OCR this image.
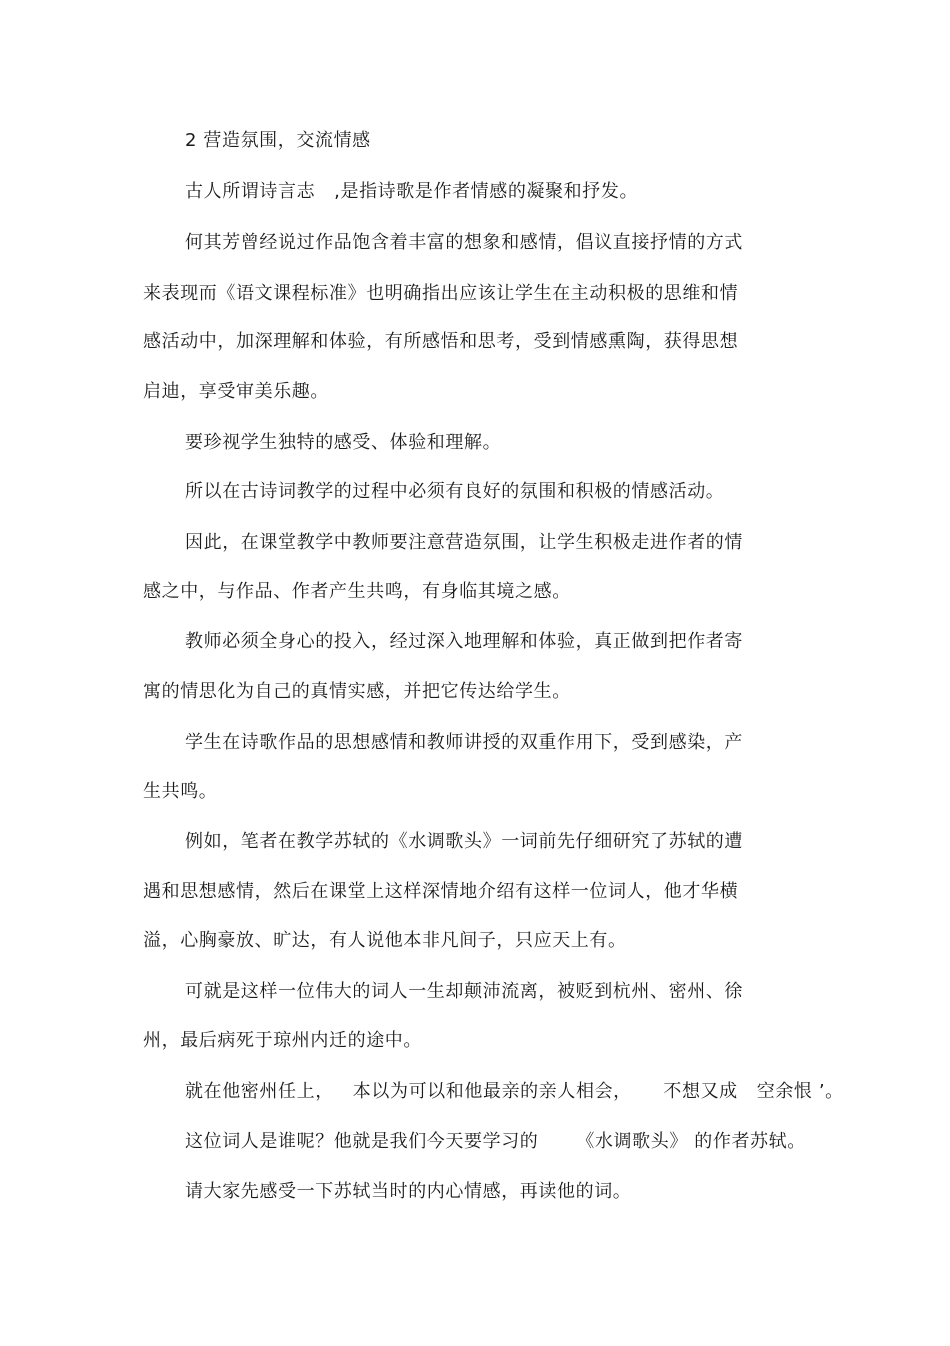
2 营造氛围，交流情感
古人所谓诗言志   ,是指诗歌是作者情感的凝聚和抒发。
何其芳曾经说过作品饱含着丰富的想象和感情，倡议直接抒情的方式
来表现而《语文课程标准》也明确指出应该让学生在主动积极的思维和情
感活动中，加深理解和体验，有所感悟和思考，受到情感熏陶，获得思想
启迪，享受审美乐趣。
要珍视学生独特的感受、体验和理解。
所以在古诗词教学的过程中必须有良好的氛围和积极的情感活动。
因此，在课堂教学中教师要注意营造氛围，让学生积极走进作者的情
感之中，与作品、作者产生共鸣，有身临其境之感。
教师必须全身心的投入，经过深入地理解和体验，真正做到把作者寄
寓的情思化为自己的真情实感，并把它传达给学生。
学生在诗歌作品的思想感情和教师讲授的双重作用下，受到感染，产
生共鸣。
例如，笔者在教学苏轼的《水调歌头》一词前先仔细研究了苏轼的遭
遇和思想感情，然后在课堂上这样深情地介绍有这样一位词人，他才华横
溢，心胸豪放、旷达，有人说他本非凡间子，只应天上有。
可就是这样一位伟大的词人一生却颠沛流离，被贬到杭州、密州、徐
州，最后病死于琼州内迁的途中。
就在他密州任上，   本以为可以和他最亲的亲人相会，     不想又成   空余恨 ’。
这位词人是谁呢？他就是我们今天要学习的      《水调歌头》 的作者苏轼。
请大家先感受一下苏轼当时的内心情感，再读他的词。
